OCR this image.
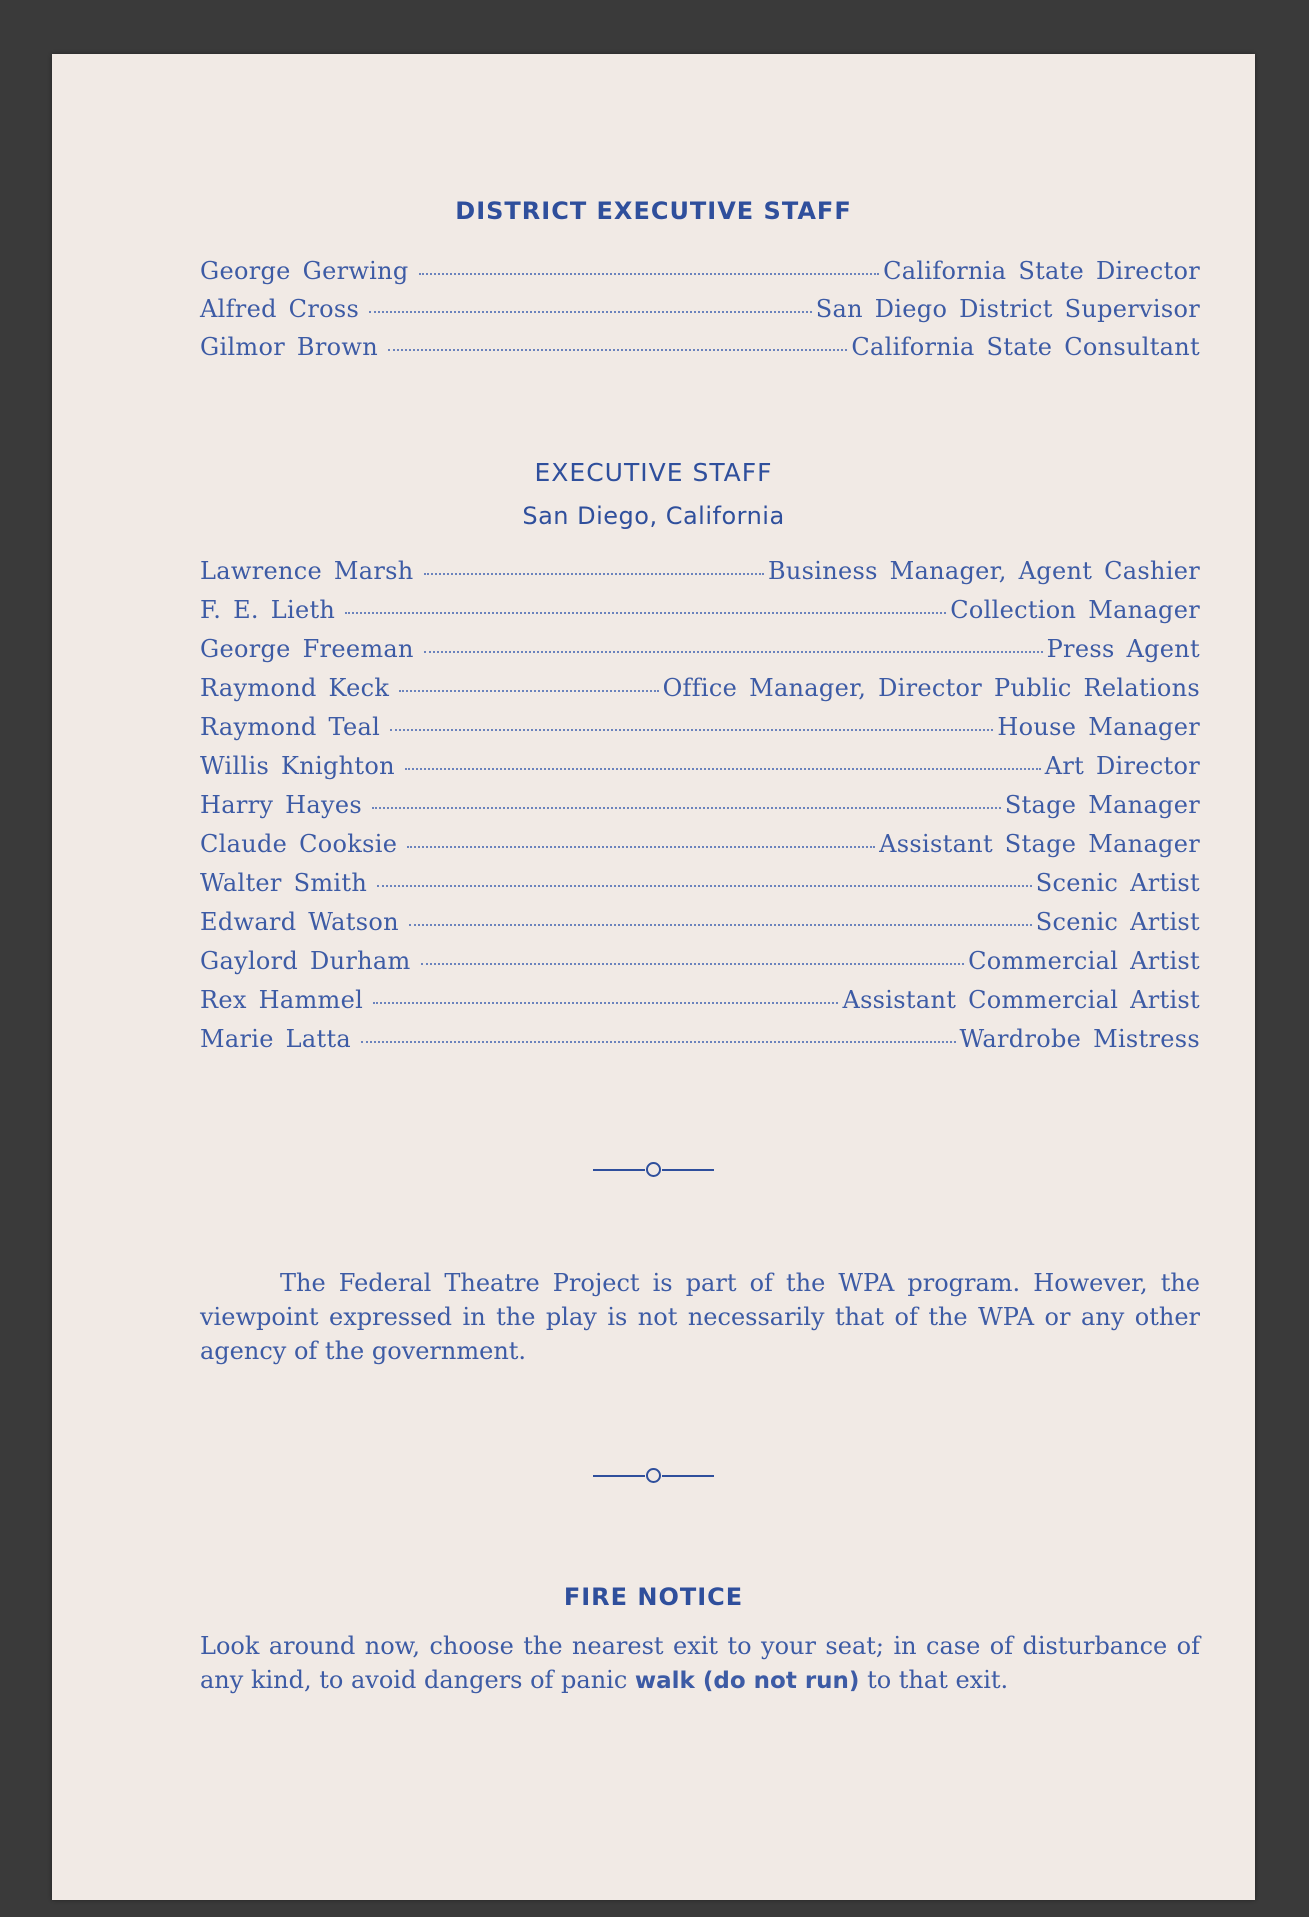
DISTRICT EXECUTIVE STAFF
George Gerwing	California State Director
Alfred Cross	San Diego District Supervisor
Gilmor Brown	California State Consultant
EXECUTIVE STAFF
San Diego, California
Lawrence Marsh	Business Manager, Agent Cashier
F. E. Lieth	Collection Manager
George Freeman	Press Agent
Raymond Keck	Office Manager, Director Public Relations
Raymond Teal	House Manager
Willis Knighton	Art Director
Harry Hayes	Stage Manager
Claude Cooksie	Assistant Stage Manager
Walter Smith	Scenic Artist
Edward Watson	Scenic Artist
Gaylord Durham	Commercial Artist
Rex Hammel	Assistant Commercial Artist
Marie Latta	Wardrobe Mistress
The Federal Theatre Project is part of the WPA program. However, the viewpoint expressed in the play is not necessarily that of the WPA or any other agency of the government.
FIRE NOTICE
Look around now, choose the nearest exit to your seat; in case of disturbance of any kind, to avoid dangers of panic walk (do not run) to that exit.
